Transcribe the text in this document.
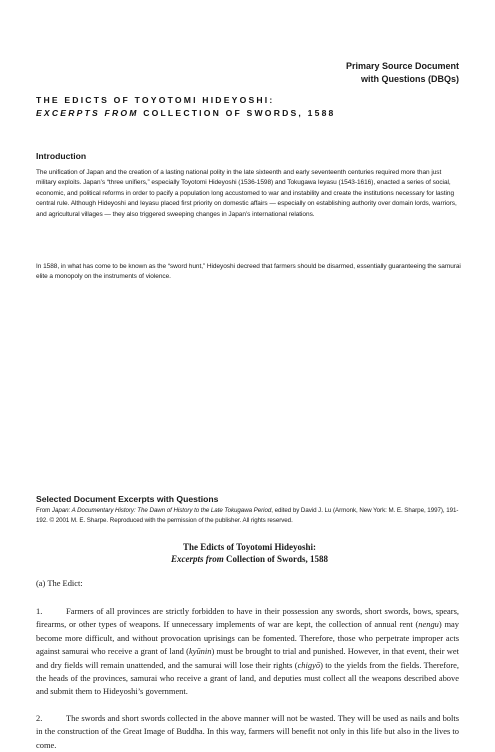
Primary Source Document
with Questions (DBQs)
THE EDICTS OF TOYOTOMI HIDEYOSHI:
EXCERPTS FROM COLLECTION OF SWORDS, 1588
Introduction
The unification of Japan and the creation of a lasting national polity in the late sixteenth and early seventeenth centuries required more than just military exploits. Japan’s “three unifiers,” especially Toyotomi Hideyoshi (1536-1598) and Tokugawa Ieyasu (1543-1616), enacted a series of social, economic, and political reforms in order to pacify a population long accustomed to war and instability and create the institutions necessary for lasting central rule. Although Hideyoshi and Ieyasu placed first priority on domestic affairs — especially on establishing authority over domain lords, warriors, and agricultural villages — they also triggered sweeping changes in Japan’s international relations.
In 1588, in what has come to be known as the “sword hunt,” Hideyoshi decreed that farmers should be disarmed, essentially guaranteeing the samurai elite a monopoly on the instruments of violence.
Selected Document Excerpts with Questions
From Japan: A Documentary History: The Dawn of History to the Late Tokugawa Period, edited by David J. Lu (Armonk, New York: M. E. Sharpe, 1997), 191-192. © 2001 M. E. Sharpe. Reproduced with the permission of the publisher. All rights reserved.
The Edicts of Toyotomi Hideyoshi:
Excerpts from Collection of Swords, 1588
(a) The Edict:
1.	Farmers of all provinces are strictly forbidden to have in their possession any swords, short swords, bows, spears, firearms, or other types of weapons. If unnecessary implements of war are kept, the collection of annual rent (nengu) may become more difficult, and without provocation uprisings can be fomented. Therefore, those who perpetrate improper acts against samurai who receive a grant of land (kyūnin) must be brought to trial and punished. However, in that event, their wet and dry fields will remain unattended, and the samurai will lose their rights (chigyō) to the yields from the fields. Therefore, the heads of the provinces, samurai who receive a grant of land, and deputies must collect all the weapons described above and submit them to Hideyoshi’s government.
2.	The swords and short swords collected in the above manner will not be wasted. They will be used as nails and bolts in the construction of the Great Image of Buddha. In this way, farmers will benefit not only in this life but also in the lives to come.
